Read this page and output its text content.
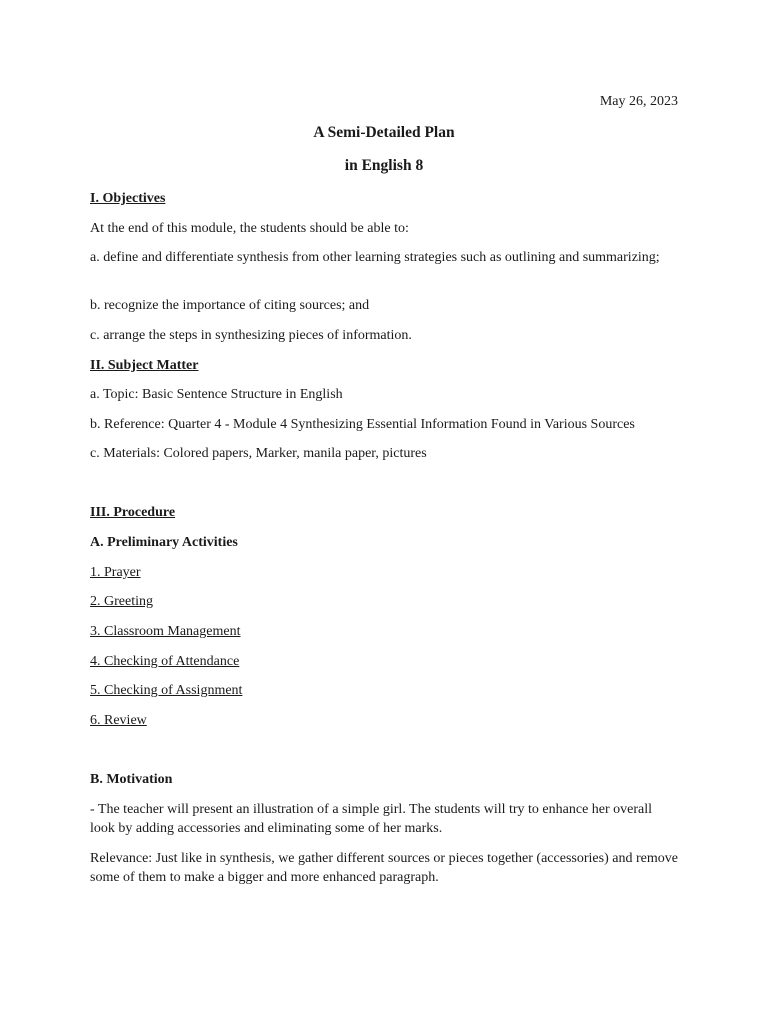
May 26, 2023
A Semi-Detailed Plan
in English 8
I. Objectives
At the end of this module, the students should be able to:
a. define and differentiate synthesis from other learning strategies such as outlining and summarizing;
b. recognize the importance of citing sources; and
c. arrange the steps in synthesizing pieces of information.
II. Subject Matter
a. Topic: Basic Sentence Structure in English
b. Reference: Quarter 4 - Module 4 Synthesizing Essential Information Found in Various Sources
c. Materials: Colored papers, Marker, manila paper, pictures
III. Procedure
A. Preliminary Activities
1. Prayer
2. Greeting
3. Classroom Management
4. Checking of Attendance
5. Checking of Assignment
6. Review
B. Motivation
- The teacher will present an illustration of a simple girl. The students will try to enhance her overall look by adding accessories and eliminating some of her marks.
Relevance: Just like in synthesis, we gather different sources or pieces together (accessories) and remove some of them to make a bigger and more enhanced paragraph.
